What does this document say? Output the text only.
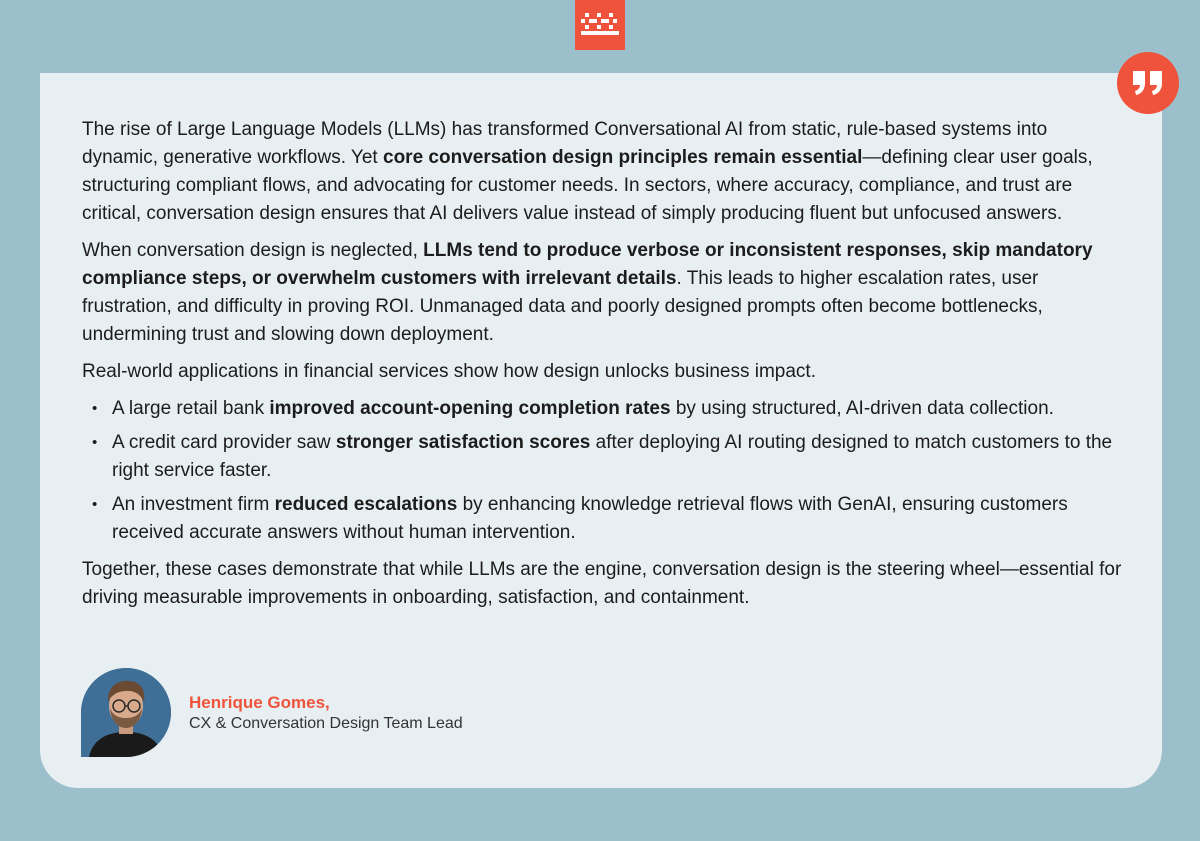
The rise of Large Language Models (LLMs) has transformed Conversational AI from static, rule-based systems into dynamic, generative workflows. Yet core conversation design principles remain essential—defining clear user goals, structuring compliant flows, and advocating for customer needs. In sectors, where accuracy, compliance, and trust are critical, conversation design ensures that AI delivers value instead of simply producing fluent but unfocused answers.

When conversation design is neglected, LLMs tend to produce verbose or inconsistent responses, skip mandatory compliance steps, or overwhelm customers with irrelevant details. This leads to higher escalation rates, user frustration, and difficulty in proving ROI. Unmanaged data and poorly designed prompts often become bottlenecks, undermining trust and slowing down deployment.

Real-world applications in financial services show how design unlocks business impact.

• A large retail bank improved account-opening completion rates by using structured, AI-driven data collection.
• A credit card provider saw stronger satisfaction scores after deploying AI routing designed to match customers to the right service faster.
• An investment firm reduced escalations by enhancing knowledge retrieval flows with GenAI, ensuring customers received accurate answers without human intervention.

Together, these cases demonstrate that while LLMs are the engine, conversation design is the steering wheel—essential for driving measurable improvements in onboarding, satisfaction, and containment.

Henrique Gomes,
CX & Conversation Design Team Lead
